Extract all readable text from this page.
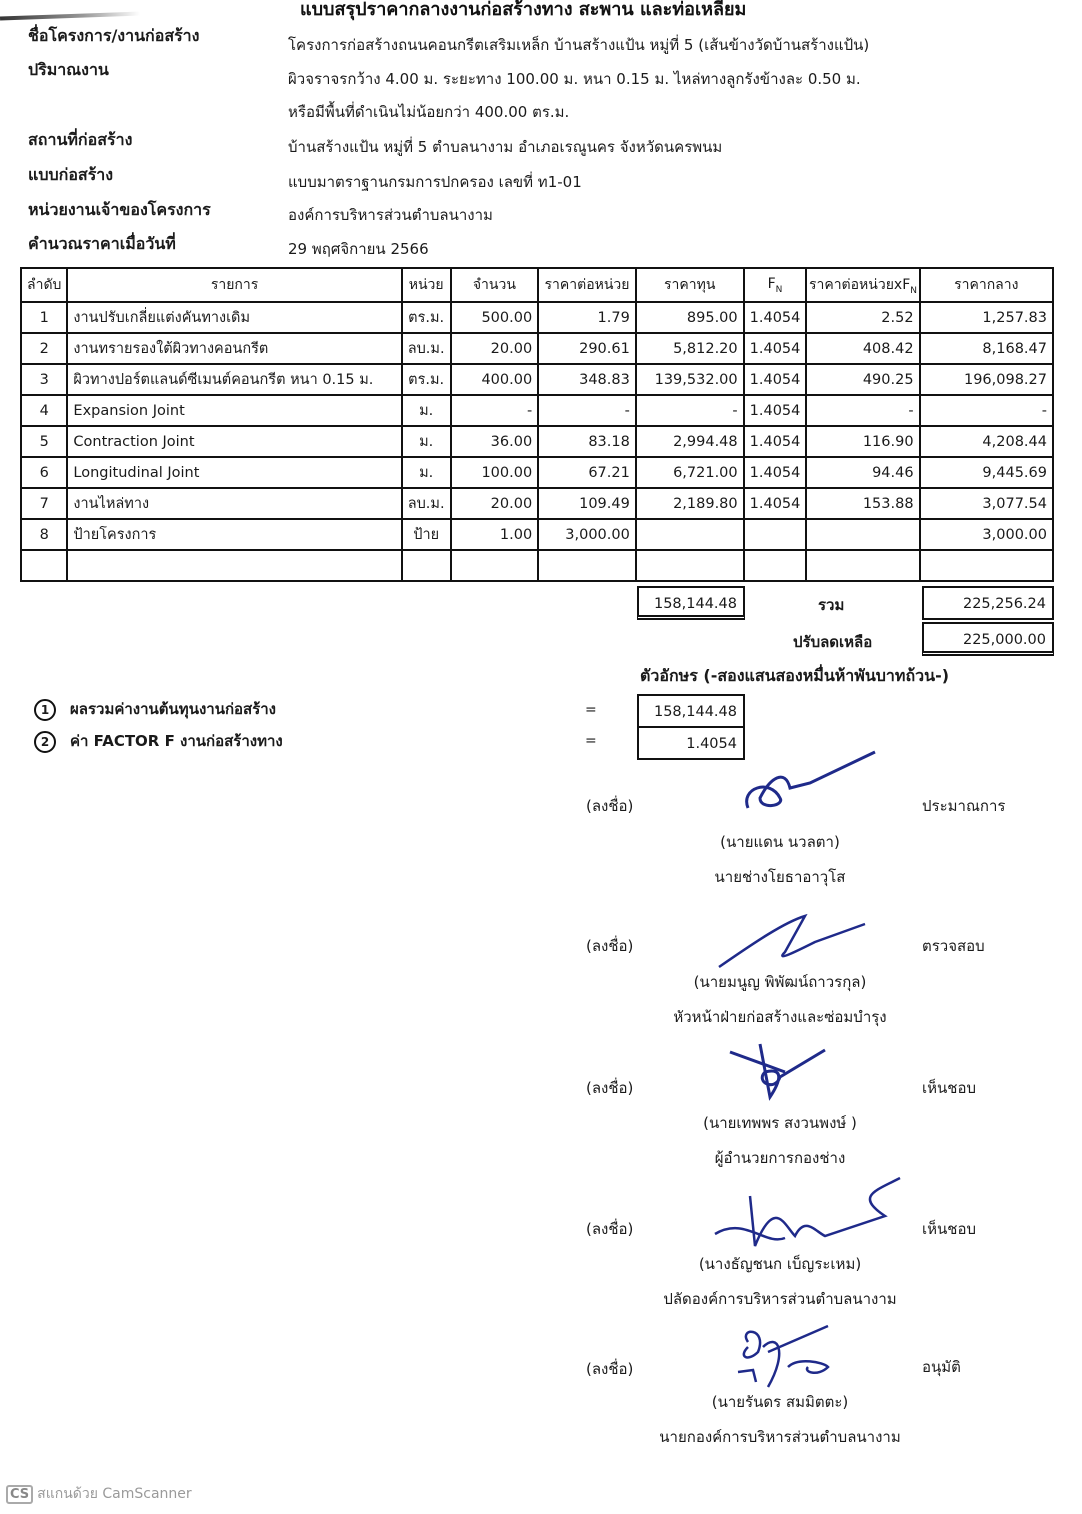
แบบสรุปราคากลางงานก่อสร้างทาง สะพาน และท่อเหลี่ยม
ชื่อโครงการ/งานก่อสร้าง	โครงการก่อสร้างถนนคอนกรีตเสริมเหล็ก บ้านสร้างแป้น หมู่ที่ 5 (เส้นข้างวัดบ้านสร้างแป้น)
ปริมาณงาน	ผิวจราจรกว้าง 4.00 ม. ระยะทาง 100.00 ม. หนา 0.15 ม. ไหล่ทางลูกรังข้างละ 0.50 ม.
หรือมีพื้นที่ดำเนินไม่น้อยกว่า 400.00 ตร.ม.
สถานที่ก่อสร้าง	บ้านสร้างแป้น หมู่ที่ 5 ตำบลนางาม อำเภอเรณูนคร จังหวัดนครพนม
แบบก่อสร้าง	แบบมาตราฐานกรมการปกครอง เลขที่ ท1-01
หน่วยงานเจ้าของโครงการ	องค์การบริหารส่วนตำบลนางาม
คำนวณราคาเมื่อวันที่	29 พฤศจิกายน 2566
ลำดับ	รายการ	หน่วย	จำนวน	ราคาต่อหน่วย	ราคาทุน	$F_N$	ราคาต่อหน่วย$xF_N$	ราคากลาง
1	งานปรับเกลี่ยแต่งคันทางเดิม	ตร.ม.	500.00	1.79	895.00	1.4054	2.52	1,257.83
2	งานทรายรองใต้ผิวทางคอนกรีต	ลบ.ม.	20.00	290.61	5,812.20	1.4054	408.42	8,168.47
3	ผิวทางปอร์ตแลนด์ซีเมนต์คอนกรีต หนา 0.15 ม.	ตร.ม.	400.00	348.83	139,532.00	1.4054	490.25	196,098.27
4	Expansion Joint	ม.	-	-	-	1.4054	-	-
5	Contraction Joint	ม.	36.00	83.18	2,994.48	1.4054	116.90	4,208.44
6	Longitudinal Joint	ม.	100.00	67.21	6,721.00	1.4054	94.46	9,445.69
7	งานไหล่ทาง	ลบ.ม.	20.00	109.49	2,189.80	1.4054	153.88	3,077.54
8	ป้ายโครงการ	ป้าย	1.00	3,000.00				3,000.00

158,144.48	รวม	225,256.24
ปรับลดเหลือ	225,000.00
ตัวอักษร (-สองแสนสองหมื่นห้าพันบาทถ้วน-)
1 ผลรวมค่างานต้นทุนงานก่อสร้าง	=	158,144.48
2 ค่า FACTOR F งานก่อสร้างทาง	=	1.4054
(ลงชื่อ)	ประมาณการ
(นายแดน นวลตา)
นายช่างโยธาอาวุโส
(ลงชื่อ)	ตรวจสอบ
(นายมนูญ พิพัฒน์ถาวรกุล)
หัวหน้าฝ่ายก่อสร้างและซ่อมบำรุง
(ลงชื่อ)	เห็นชอบ
(นายเทพพร สงวนพงษ์ )
ผู้อำนวยการกองช่าง
(ลงชื่อ)	เห็นชอบ
(นางธัญชนก เบ็ญระเหม)
ปลัดองค์การบริหารส่วนตำบลนางาม
(ลงชื่อ)	อนุมัติ
(นายรันดร สมมิตตะ)
นายกองค์การบริหารส่วนตำบลนางาม
CS สแกนด้วย CamScanner
